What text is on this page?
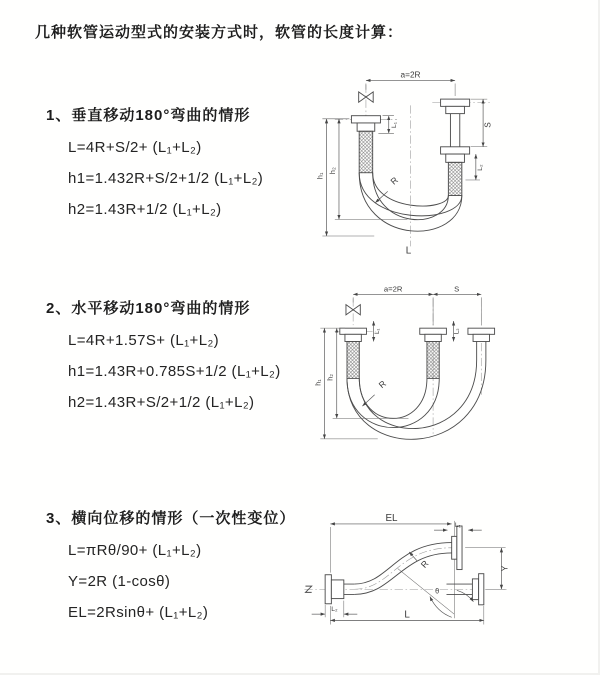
几种软管运动型式的安装方式时，软管的长度计算：
1、垂直移动180°弯曲的情形
L=4R+S/2+ (L₁+L₂)
h1=1.432R+S/2+1/2 (L₁+L₂)
h2=1.43R+1/2 (L₁+L₂)
a=2R
S
L₂
L₁
h₁
h₂
R
L
2、水平移动180°弯曲的情形
L=4R+1.57S+ (L₁+L₂)
h1=1.43R+0.785S+1/2 (L₁+L₂)
h2=1.43R+S/2+1/2 (L₁+L₂)
a=2R	S
L₁	L₂
h₁
h₂
R
3、横向位移的情形（一次性变位）
L=πRθ/90+ (L₁+L₂)
Y=2R (1-cosθ)
EL=2Rsinθ+ (L₁+L₂)
θ
R
EL
L₁
Y
L
L₂
